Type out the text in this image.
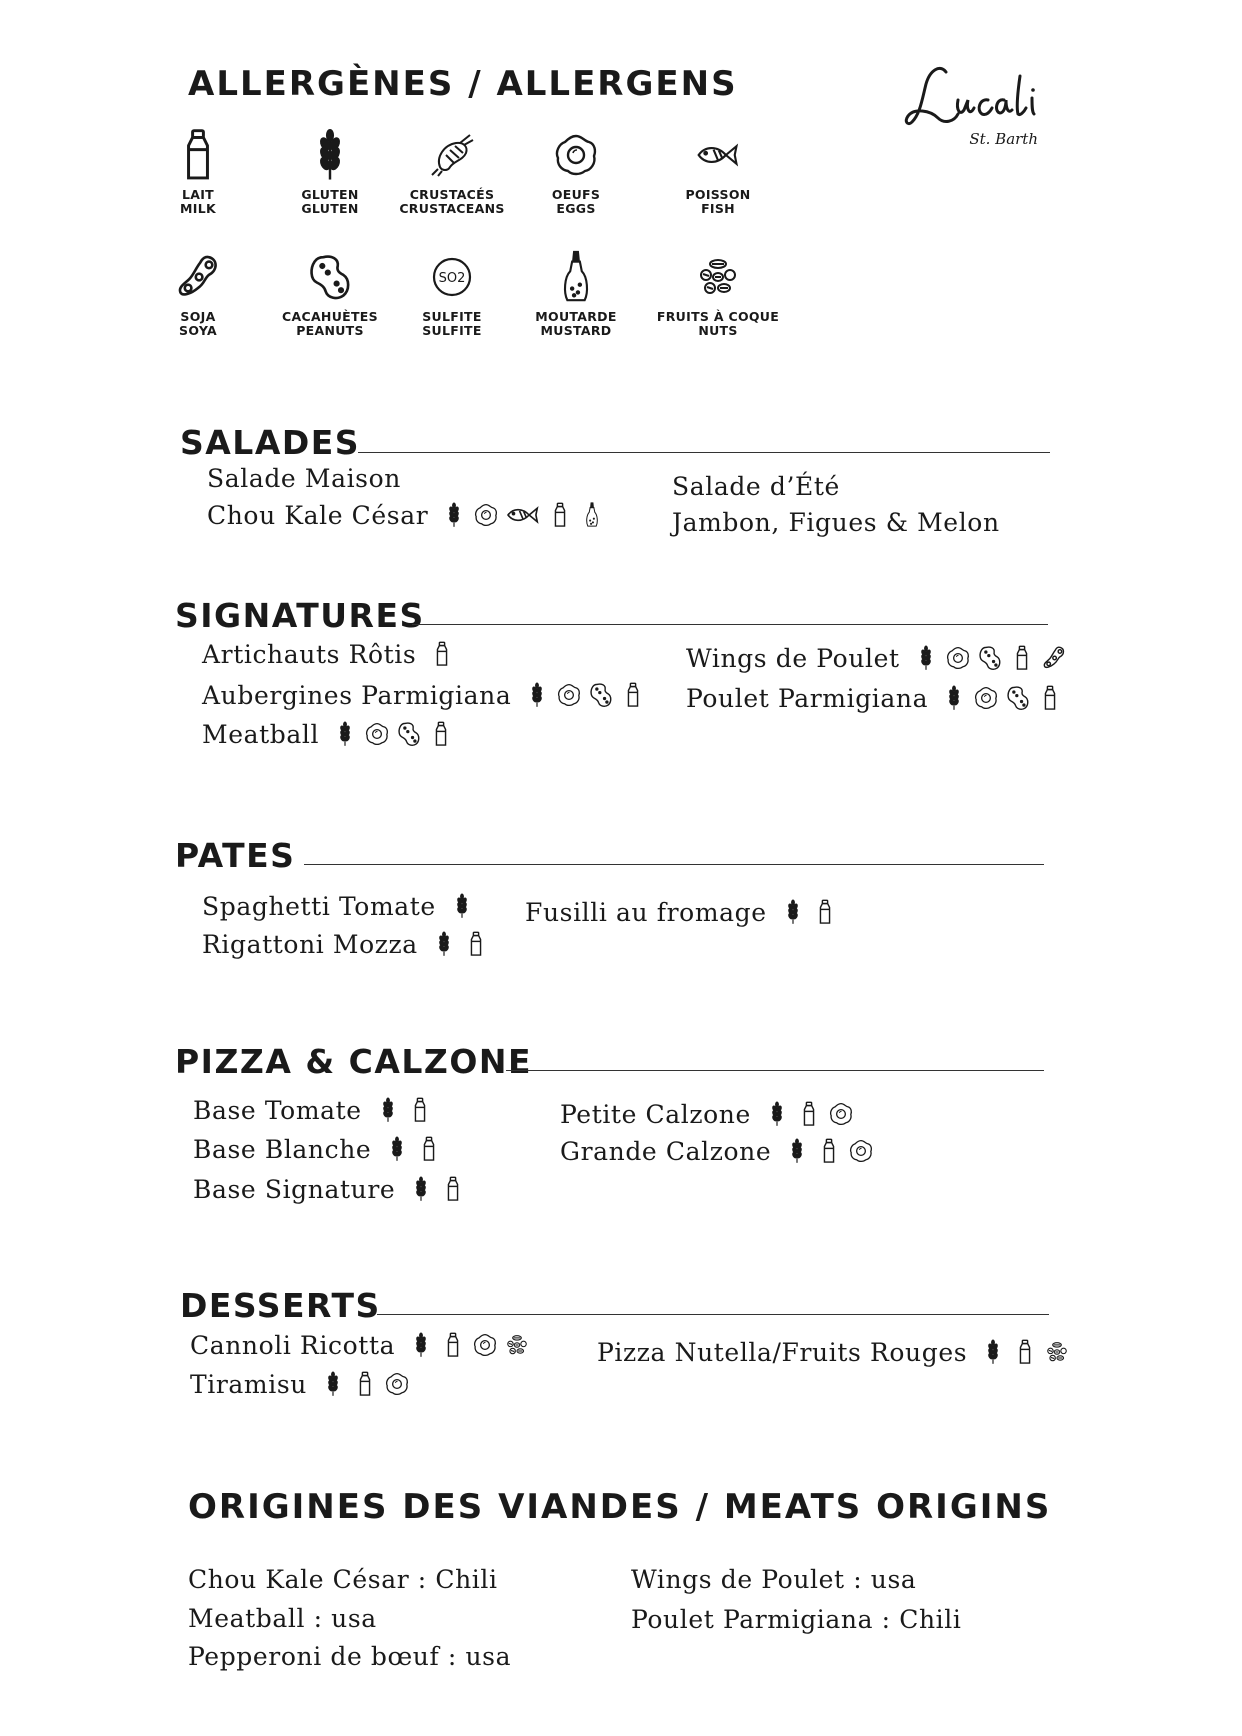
ALLERGÈNES / ALLERGENS
St. Barth
LAIT
MILK
GLUTEN
GLUTEN
CRUSTACÉS
CRUSTACEANS
OEUFS
EGGS
POISSON
FISH
SOJA
SOYA
CACAHUÈTES
PEANUTS
SO2
SULFITE
SULFITE
MOUTARDE
MUSTARD
FRUITS À COQUE
NUTS
SALADES
Salade Maison
Chou Kale César
Salade d’Été
Jambon, Figues & Melon
SIGNATURES
Artichauts Rôtis
Aubergines Parmigiana
Meatball
Wings de Poulet
Poulet Parmigiana
PATES
Spaghetti Tomate
Rigattoni Mozza
Fusilli au fromage
PIZZA & CALZONE
Base Tomate
Base Blanche
Base Signature
Petite Calzone
Grande Calzone
DESSERTS
Cannoli Ricotta
Tiramisu
Pizza Nutella/Fruits Rouges
ORIGINES DES VIANDES / MEATS ORIGINS
Chou Kale César : Chili
Meatball : usa
Pepperoni de bœuf : usa
Wings de Poulet : usa
Poulet Parmigiana : Chili
